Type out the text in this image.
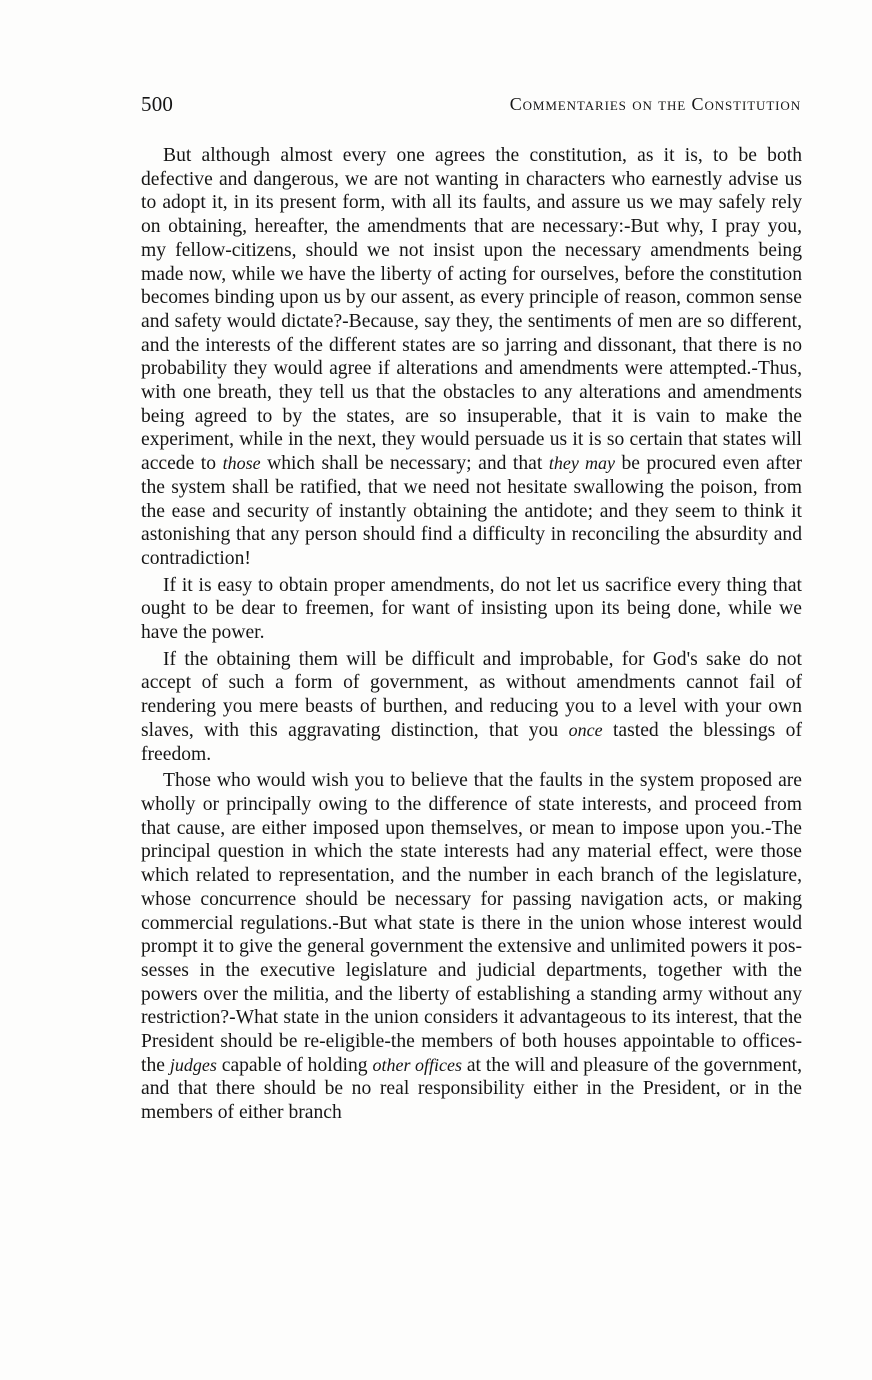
500	Commentaries on the Constitution

But although almost every one agrees the constitution, as it is, to be both defective and dangerous, we are not wanting in characters who earnestly advise us to adopt it, in its present form, with all its faults, and assure us we may safely rely on obtaining, hereafter, the amendments that are necessary:-But why, I pray you, my fellow-citizens, should we not insist upon the necessary amendments being made now, while we have the liberty of acting for ourselves, before the constitution becomes binding upon us by our assent, as every principle of reason, common sense and safety would dictate?-Because, say they, the sentiments of men are so different, and the interests of the different states are so jarring and dissonant, that there is no probability they would agree if alterations and amendments were attempted.-Thus, with one breath, they tell us that the obstacles to any alterations and amendments being agreed to by the states, are so insuperable, that it is vain to make the experiment, while in the next, they would persuade us it is so certain that states will accede to those which shall be necessary; and that they may be procured even after the system shall be ratified, that we need not hesitate swallowing the poison, from the ease and security of instantly obtaining the antidote; and they seem to think it astonishing that any person should find a difficulty in reconciling the absurdity and contradiction!

If it is easy to obtain proper amendments, do not let us sacrifice every thing that ought to be dear to freemen, for want of insisting upon its being done, while we have the power.

If the obtaining them will be difficult and improbable, for God's sake do not accept of such a form of government, as without amendments cannot fail of rendering you mere beasts of burthen, and reducing you to a level with your own slaves, with this aggravating distinction, that you once tasted the blessings of freedom.

Those who would wish you to believe that the faults in the system proposed are wholly or principally owing to the difference of state interests, and proceed from that cause, are either imposed upon themselves, or mean to impose upon you.-The principal question in which the state interests had any material effect, were those which related to representation, and the number in each branch of the legislature, whose concurrence should be necessary for passing navigation acts, or making commercial regulations.-But what state is there in the union whose interest would prompt it to give the general government the extensive and unlimited powers it possesses in the executive legislature and judicial departments, together with the powers over the militia, and the liberty of establishing a standing army without any restriction?-What state in the union considers it advantageous to its interest, that the President should be re-eligible-the members of both houses appointable to offices-the judges capable of holding other offices at the will and pleasure of the government, and that there should be no real responsibility either in the President, or in the members of either branch
